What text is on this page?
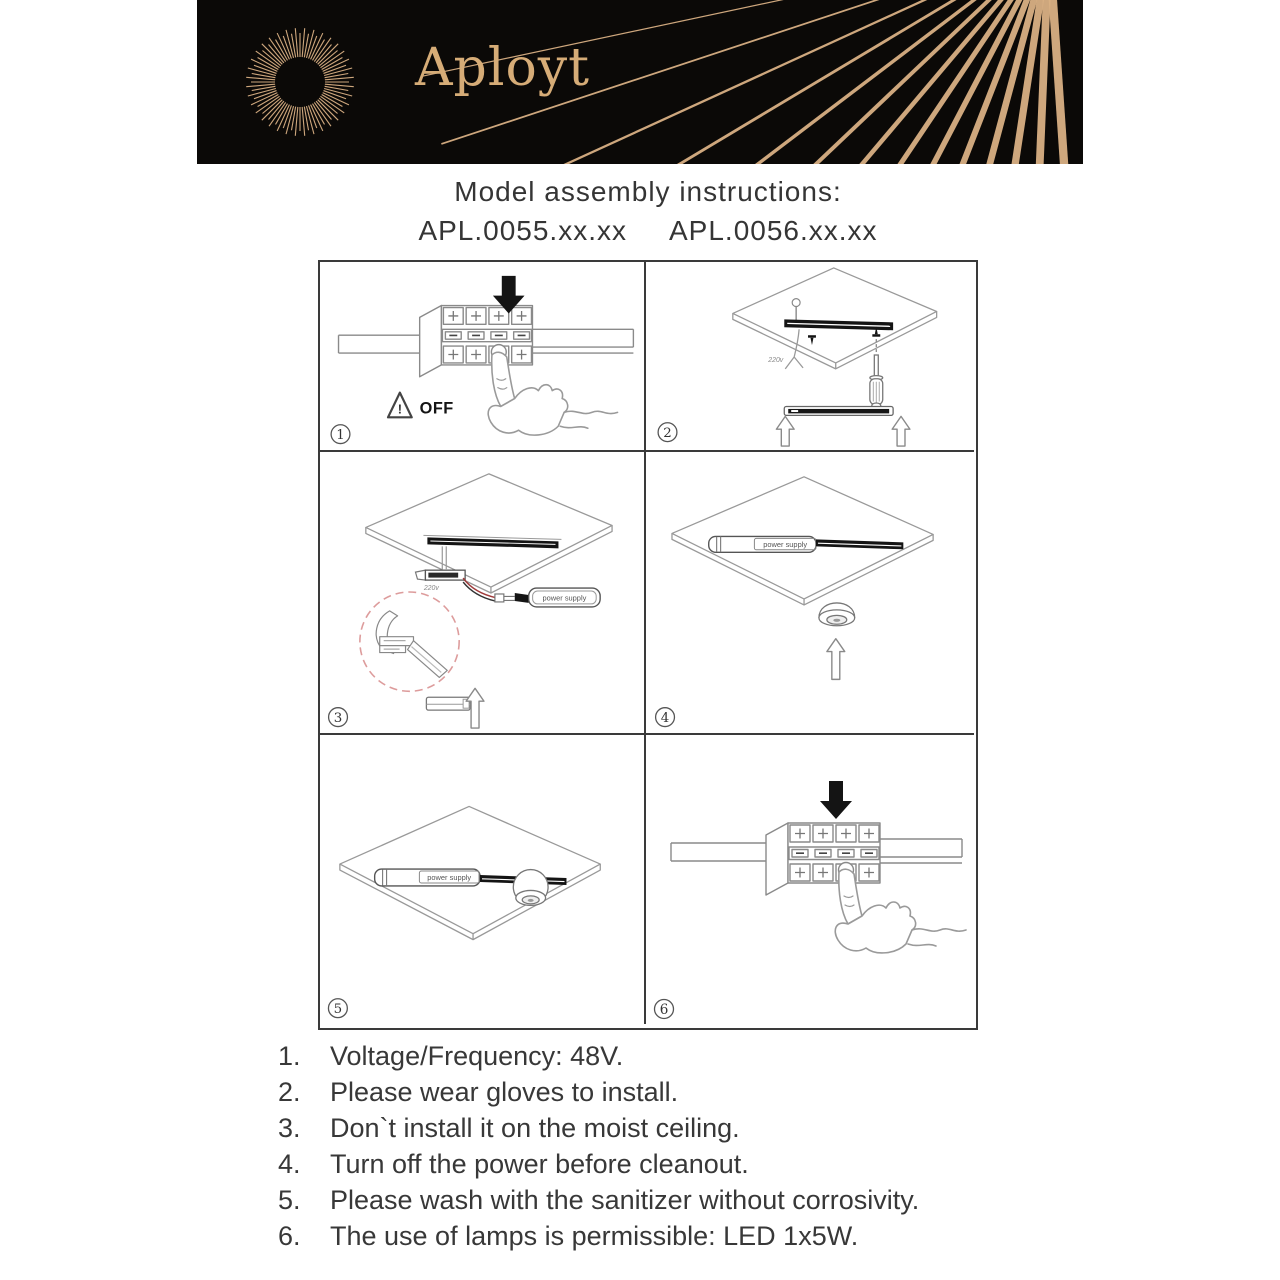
Aployt
Model assembly instructions:
APL.0055.xx.xx APL.0056.xx.xx
! OFF
1
220v
2
220v
power supply
3
power supply
4
power supply
5	6
1.	Voltage/Frequency: 48V.
2.	Please wear gloves to install.
3.	Don`t install it on the moist ceiling.
4.	Turn off the power before cleanout.
5.	Please wash with the sanitizer without corrosivity.
6.	The use of lamps is permissible: LED 1x5W.
